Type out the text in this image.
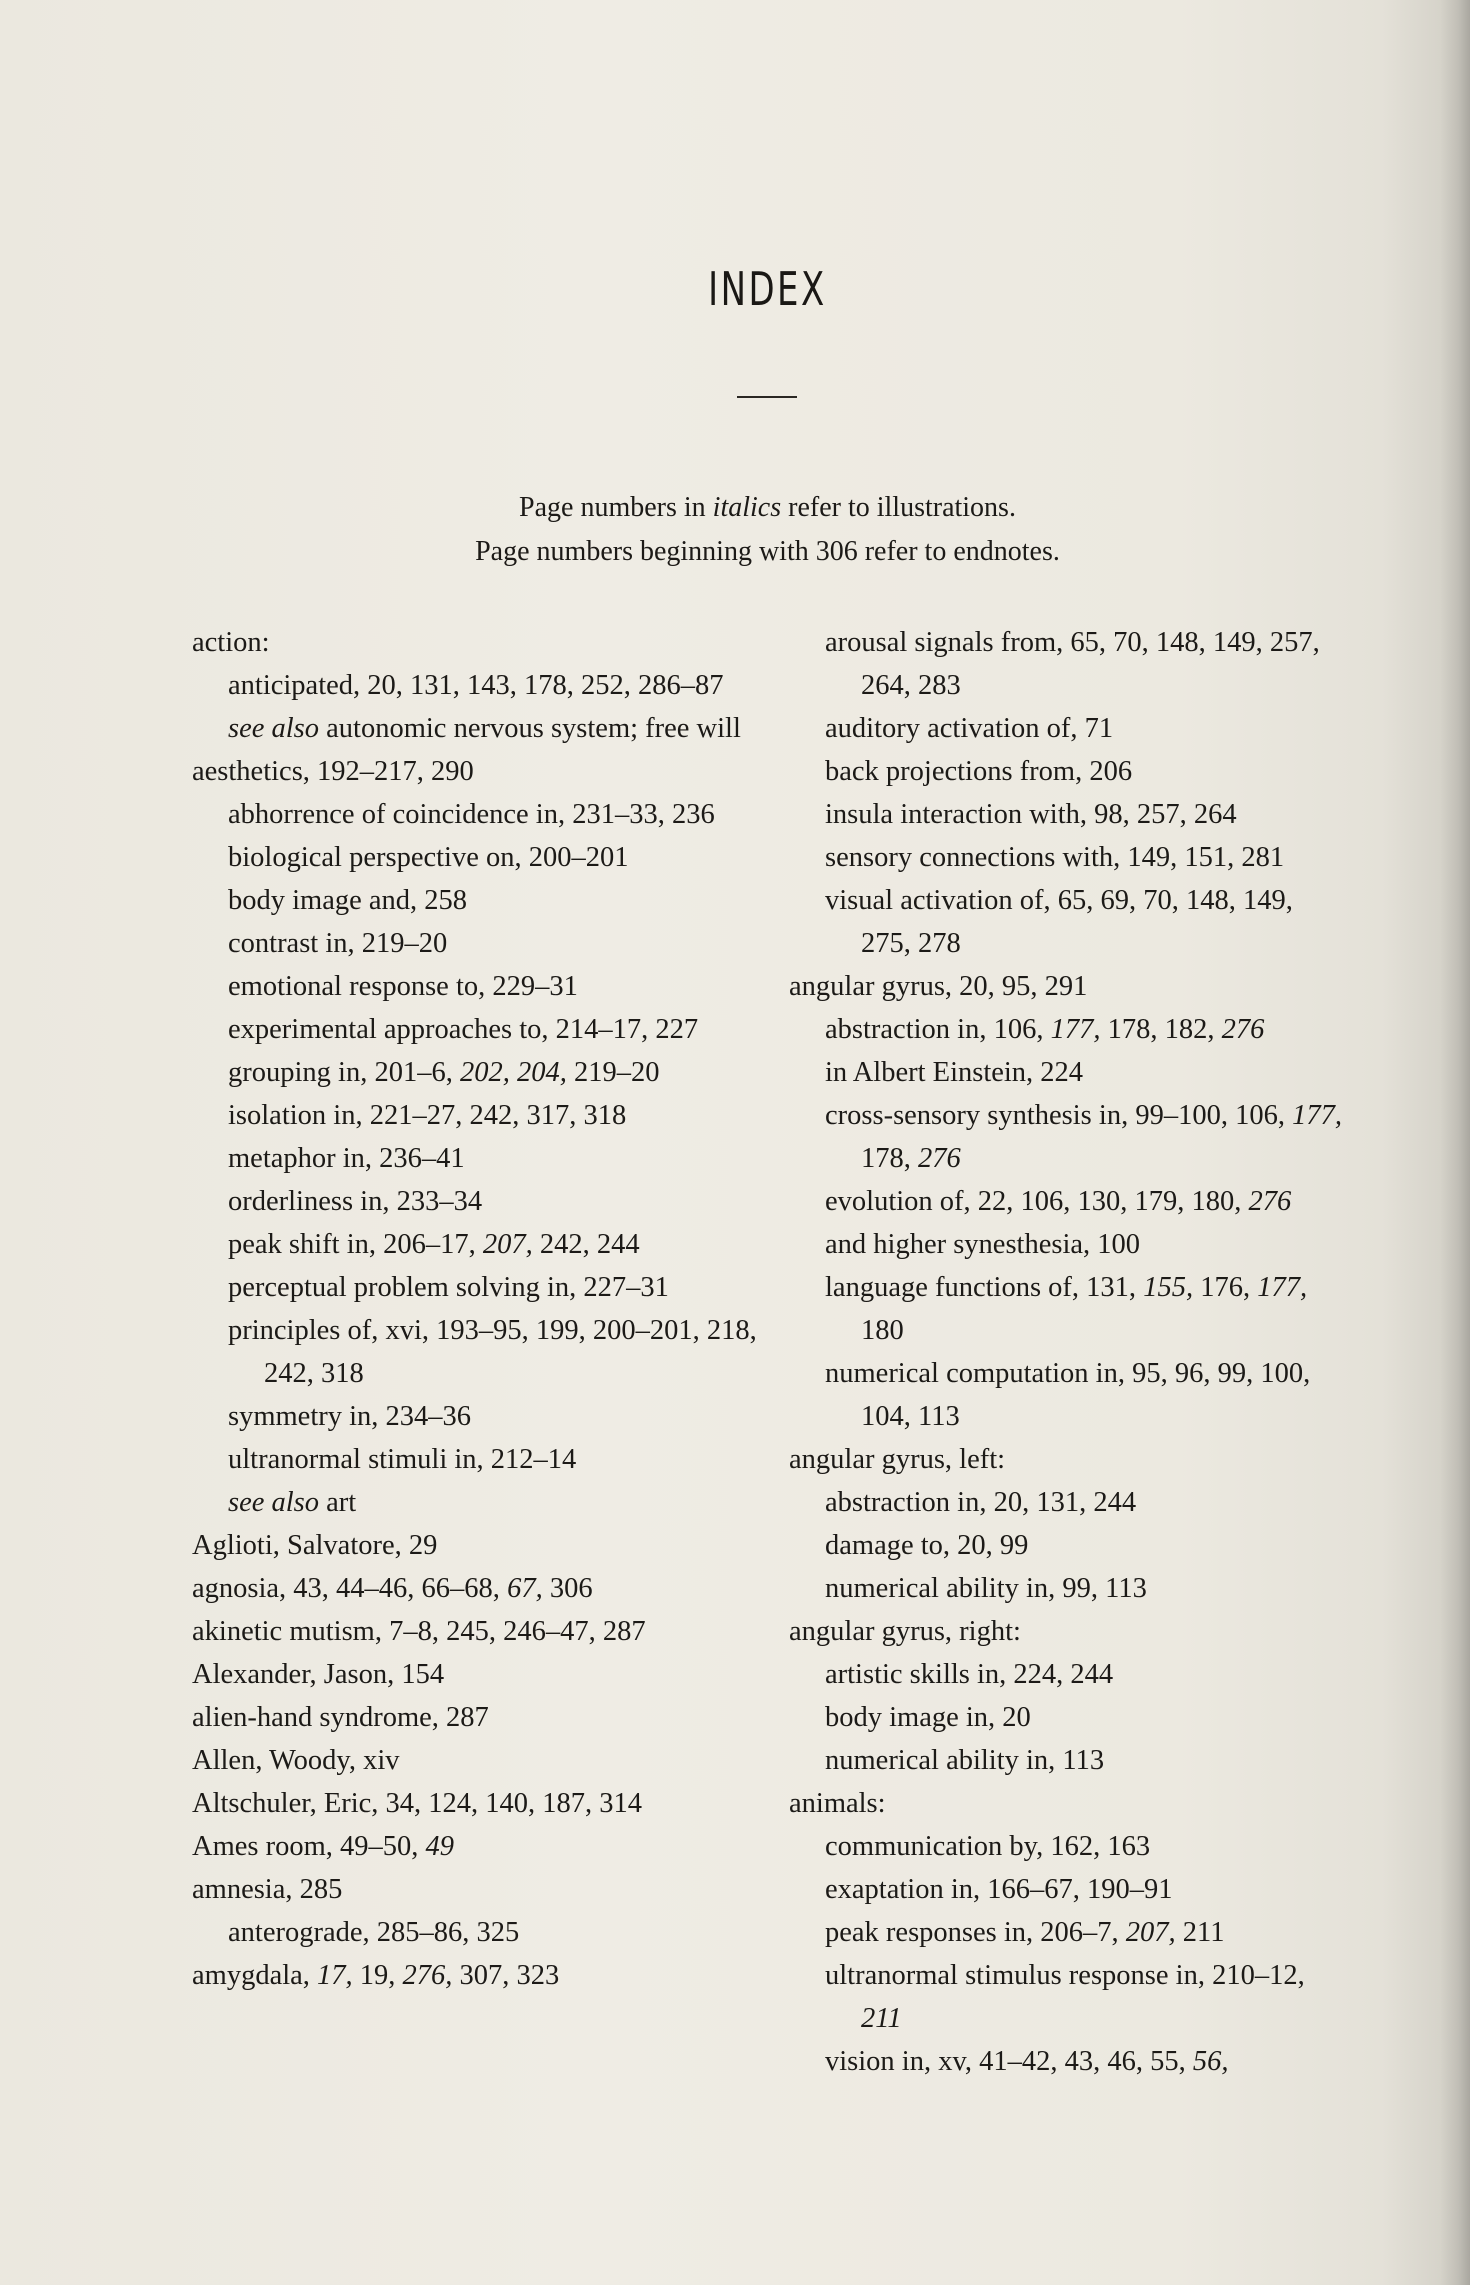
INDEX

Page numbers in italics refer to illustrations.

Page numbers beginning with 306 refer to endnotes.

action:
anticipated, 20, 131, 143, 178, 252, 286–87
see also autonomic nervous system; free will
aesthetics, 192–217, 290
abhorrence of coincidence in, 231–33, 236
biological perspective on, 200–201
body image and, 258
contrast in, 219–20
emotional response to, 229–31
experimental approaches to, 214–17, 227
grouping in, 201–6, 202, 204, 219–20
isolation in, 221–27, 242, 317, 318
metaphor in, 236–41
orderliness in, 233–34
peak shift in, 206–17, 207, 242, 244
perceptual problem solving in, 227–31
principles of, xvi, 193–95, 199, 200–201, 218, 242, 318
symmetry in, 234–36
ultranormal stimuli in, 212–14
see also art
Aglioti, Salvatore, 29
agnosia, 43, 44–46, 66–68, 67, 306
akinetic mutism, 7–8, 245, 246–47, 287
Alexander, Jason, 154
alien-hand syndrome, 287
Allen, Woody, xiv
Altschuler, Eric, 34, 124, 140, 187, 314
Ames room, 49–50, 49
amnesia, 285
anterograde, 285–86, 325
amygdala, 17, 19, 276, 307, 323
arousal signals from, 65, 70, 148, 149, 257, 264, 283
auditory activation of, 71
back projections from, 206
insula interaction with, 98, 257, 264
sensory connections with, 149, 151, 281
visual activation of, 65, 69, 70, 148, 149, 275, 278
angular gyrus, 20, 95, 291
abstraction in, 106, 177, 178, 182, 276
in Albert Einstein, 224
cross-sensory synthesis in, 99–100, 106, 177, 178, 276
evolution of, 22, 106, 130, 179, 180, 276
and higher synesthesia, 100
language functions of, 131, 155, 176, 177, 180
numerical computation in, 95, 96, 99, 100, 104, 113
angular gyrus, left:
abstraction in, 20, 131, 244
damage to, 20, 99
numerical ability in, 99, 113
angular gyrus, right:
artistic skills in, 224, 244
body image in, 20
numerical ability in, 113
animals:
communication by, 162, 163
exaptation in, 166–67, 190–91
peak responses in, 206–7, 207, 211
ultranormal stimulus response in, 210–12, 211
vision in, xv, 41–42, 43, 46, 55, 56,
